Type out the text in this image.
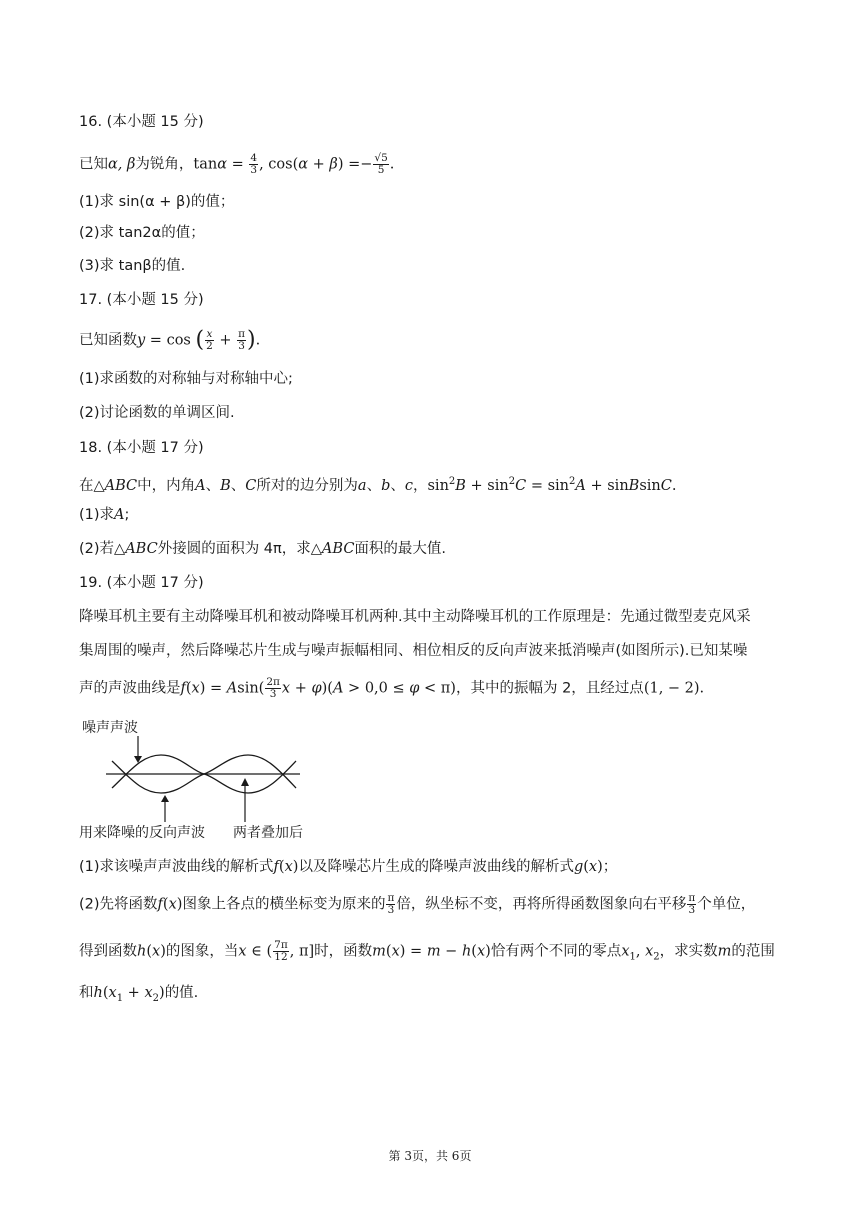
16. (本小题 15 分)
已知α, β为锐角，$\tan\alpha = \frac{4}{3}$ , $\cos(\alpha + \beta) =- \frac{√5}{5}$ .
(1)求 sin(α + β)的值；
(2)求 tan2α的值；
(3)求 tanβ的值.
17. (本小题 15 分)
已知函数y = cos ( $\frac{x}{2} + \frac{\pi}{3}$ ).
(1)求函数的对称轴与对称轴中心;
(2)讨论函数的单调区间.
18. (本小题 17 分)
在△ABC中，内角A、B、C所对的边分别为a、b、c，$\sin^2B + \sin^2C = \sin^2A$ + sinBsinC.
(1)求A;
(2)若△ABC外接圆的面积为 4π，求△ABC面积的最大值.
19. (本小题 17 分)
降噪耳机主要有主动降噪耳机和被动降噪耳机两种.其中主动降噪耳机的工作原理是：先通过微型麦克风采
集周围的噪声，然后降噪芯片生成与噪声振幅相同、相位相反的反向声波来抵消噪声(如图所示).已知某噪
声的声波曲线是$f(x) = Asin( \frac{2\pi}{3}$ x + φ)(A > 0,0 ≤ φ < π)，其中的振幅为 2，且经过点(1, − 2).
噪声声波
用来降噪的反向声波 两者叠加后
(1)求该噪声声波曲线的解析式f(x)以及降噪芯片生成的降噪声波曲线的解析式g(x)；
(2)先将函数f(x)图象上各点的横坐标变为原来的 $\frac{\pi}{3}$ 倍，纵坐标不变，再将所得函数图象向右平移 $\frac{\pi}{3}$ 个单位，
得到函数h(x)的图象，当x ∈ ( $\frac{7\pi}{12}$ , π]时，函数m(x) = m − h(x)恰有两个不同的零点$x_1$, $x_2$，求实数m的范围
和$h(x_1 + x_2)$的值.
第 3页，共 6页
